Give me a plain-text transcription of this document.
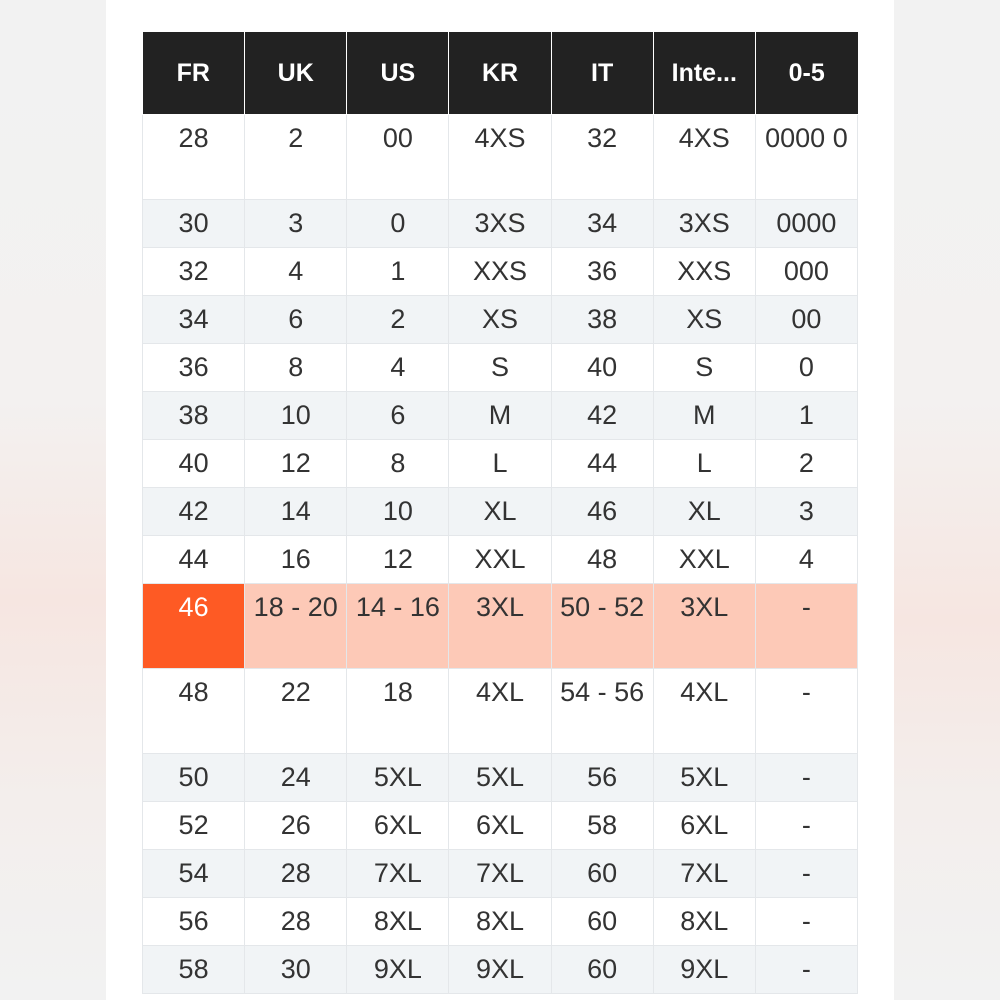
FR	UK	US	KR	IT	Inte...	0-5
28	2	00	4XS	32	4XS	0000 0
30	3	0	3XS	34	3XS	0000
32	4	1	XXS	36	XXS	000
34	6	2	XS	38	XS	00
36	8	4	S	40	S	0
38	10	6	M	42	M	1
40	12	8	L	44	L	2
42	14	10	XL	46	XL	3
44	16	12	XXL	48	XXL	4
46	18 - 20	14 - 16	3XL	50 - 52	3XL	-
48	22	18	4XL	54 - 56	4XL	-
50	24	5XL	5XL	56	5XL	-
52	26	6XL	6XL	58	6XL	-
54	28	7XL	7XL	60	7XL	-
56	28	8XL	8XL	60	8XL	-
58	30	9XL	9XL	60	9XL	-
